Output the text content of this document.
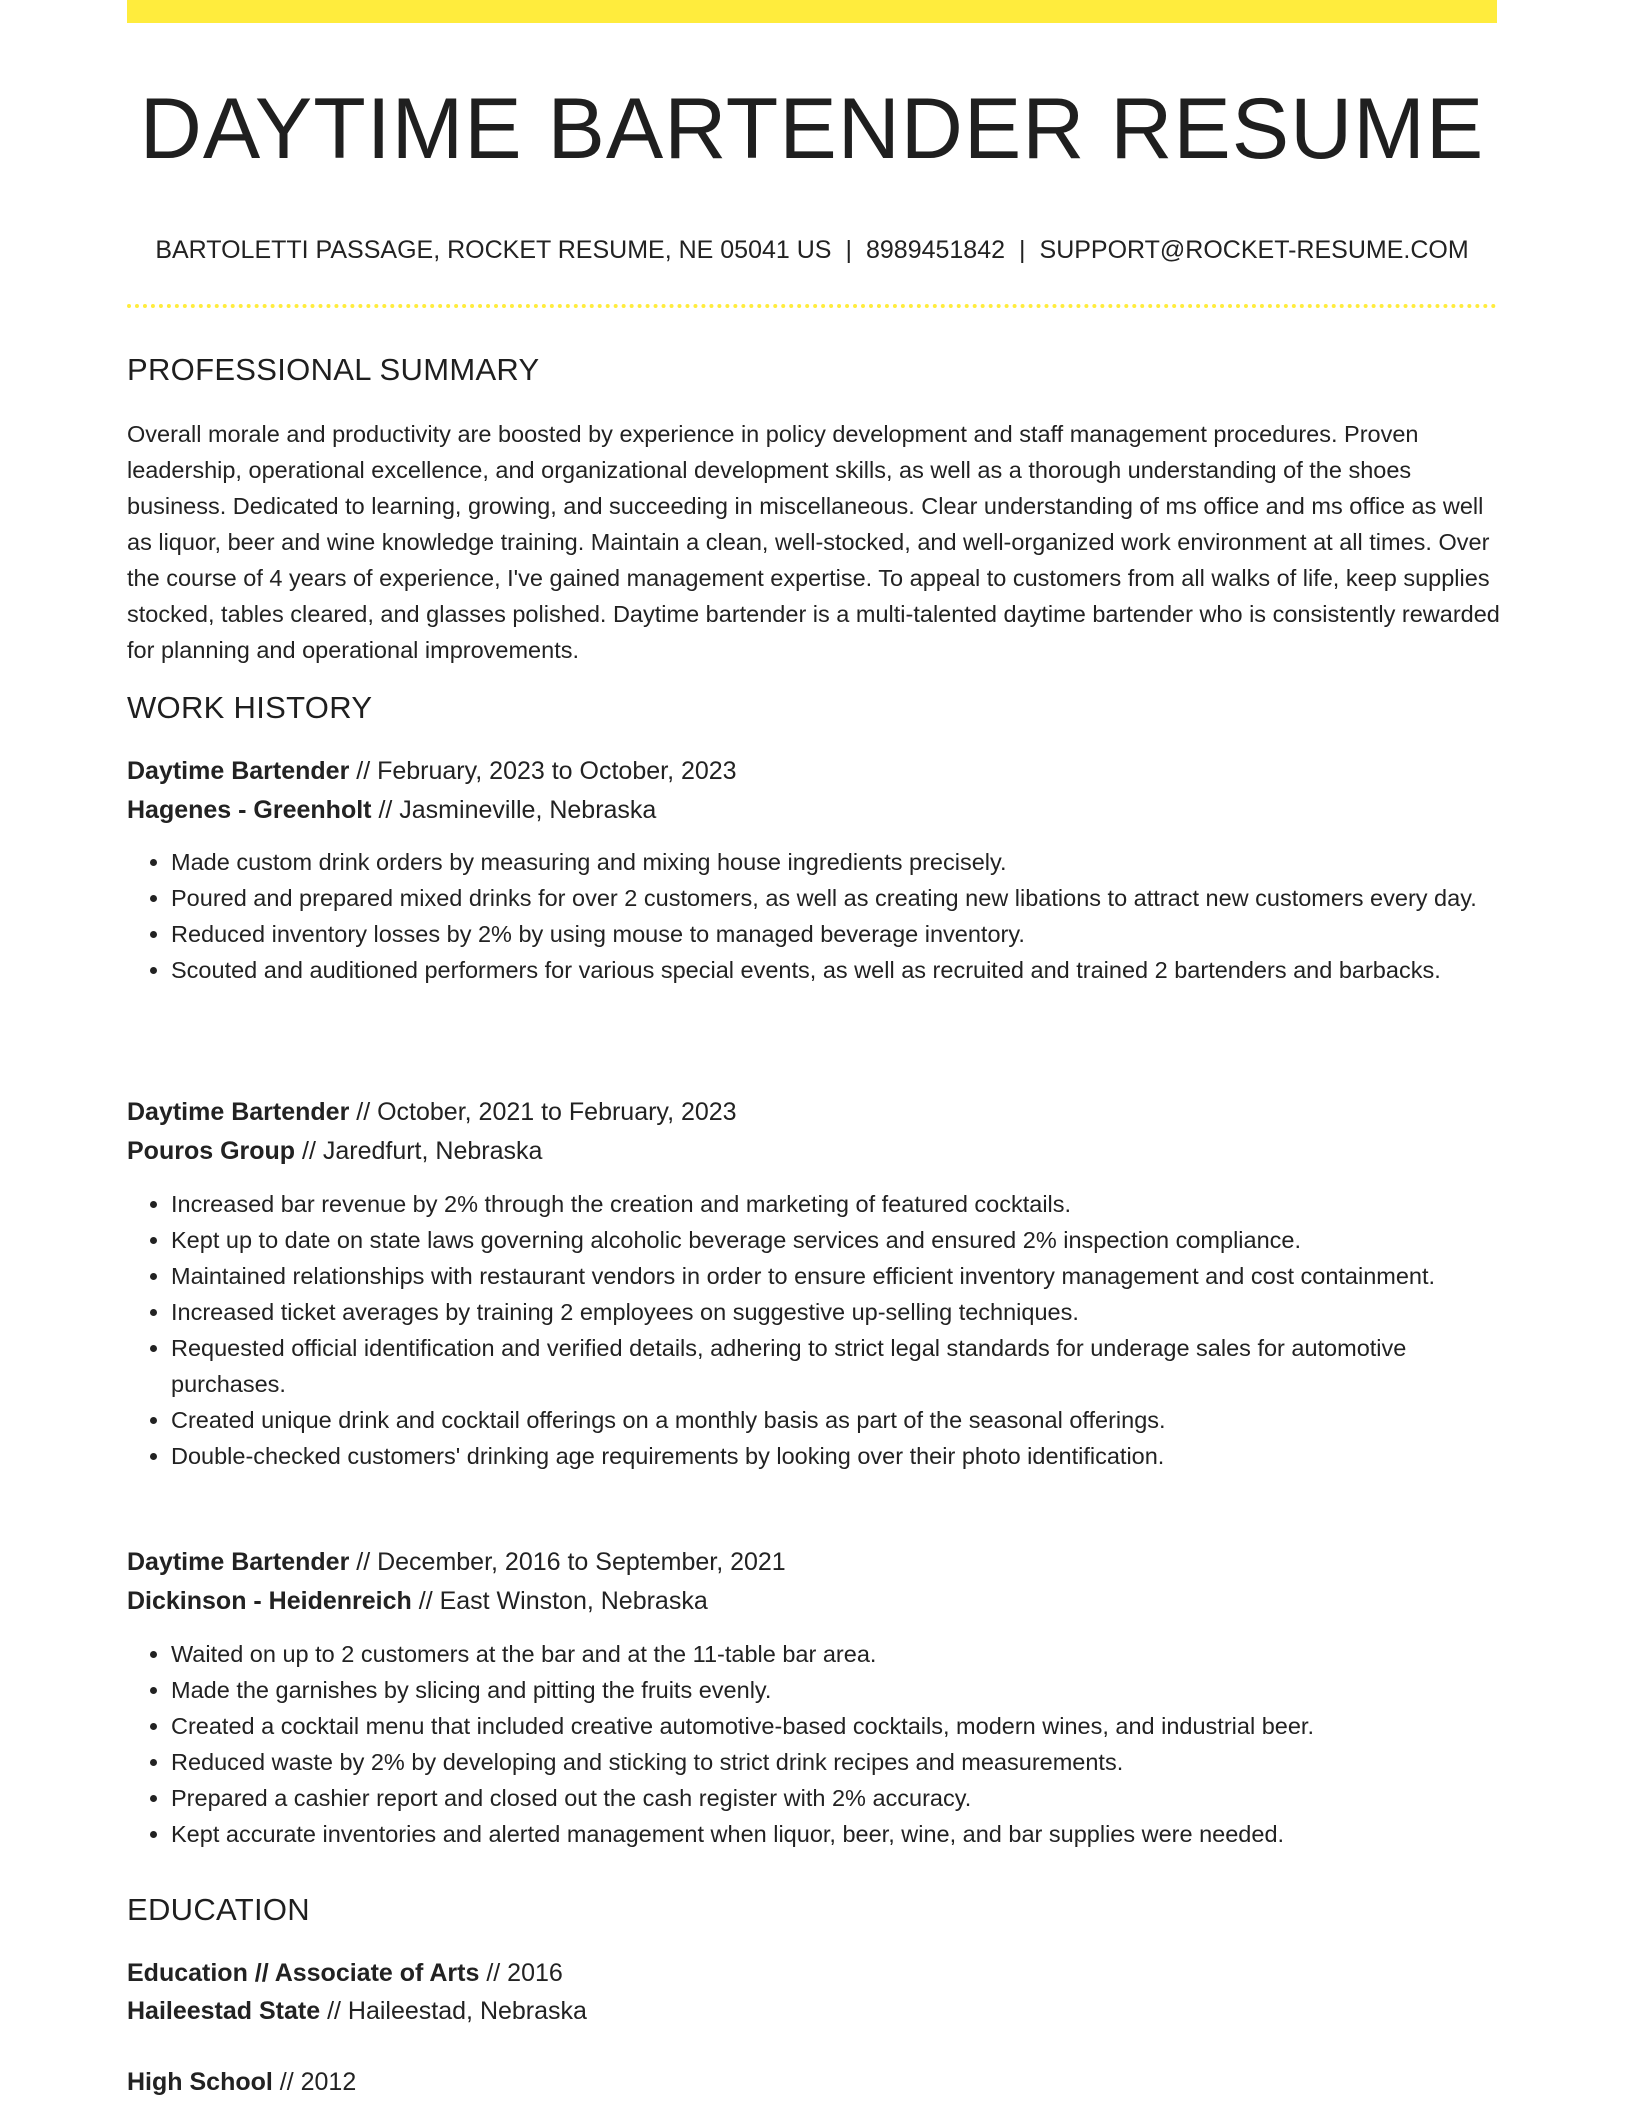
DAYTIME BARTENDER RESUME
BARTOLETTI PASSAGE, ROCKET RESUME, NE 05041 US | 8989451842 | SUPPORT@ROCKET-RESUME.COM
PROFESSIONAL SUMMARY
Overall morale and productivity are boosted by experience in policy development and staff management procedures. Proven leadership, operational excellence, and organizational development skills, as well as a thorough understanding of the shoes business. Dedicated to learning, growing, and succeeding in miscellaneous. Clear understanding of ms office and ms office as well as liquor, beer and wine knowledge training. Maintain a clean, well-stocked, and well-organized work environment at all times. Over the course of 4 years of experience, I've gained management expertise. To appeal to customers from all walks of life, keep supplies stocked, tables cleared, and glasses polished. Daytime bartender is a multi-talented daytime bartender who is consistently rewarded for planning and operational improvements.
WORK HISTORY
Daytime Bartender // February, 2023 to October, 2023
Hagenes - Greenholt // Jasmineville, Nebraska
• Made custom drink orders by measuring and mixing house ingredients precisely.
• Poured and prepared mixed drinks for over 2 customers, as well as creating new libations to attract new customers every day.
• Reduced inventory losses by 2% by using mouse to managed beverage inventory.
• Scouted and auditioned performers for various special events, as well as recruited and trained 2 bartenders and barbacks.
Daytime Bartender // October, 2021 to February, 2023
Pouros Group // Jaredfurt, Nebraska
• Increased bar revenue by 2% through the creation and marketing of featured cocktails.
• Kept up to date on state laws governing alcoholic beverage services and ensured 2% inspection compliance.
• Maintained relationships with restaurant vendors in order to ensure efficient inventory management and cost containment.
• Increased ticket averages by training 2 employees on suggestive up-selling techniques.
• Requested official identification and verified details, adhering to strict legal standards for underage sales for automotive purchases.
• Created unique drink and cocktail offerings on a monthly basis as part of the seasonal offerings.
• Double-checked customers' drinking age requirements by looking over their photo identification.
Daytime Bartender // December, 2016 to September, 2021
Dickinson - Heidenreich // East Winston, Nebraska
• Waited on up to 2 customers at the bar and at the 11-table bar area.
• Made the garnishes by slicing and pitting the fruits evenly.
• Created a cocktail menu that included creative automotive-based cocktails, modern wines, and industrial beer.
• Reduced waste by 2% by developing and sticking to strict drink recipes and measurements.
• Prepared a cashier report and closed out the cash register with 2% accuracy.
• Kept accurate inventories and alerted management when liquor, beer, wine, and bar supplies were needed.
EDUCATION
Education // Associate of Arts // 2016
Haileestad State // Haileestad, Nebraska
High School // 2012
